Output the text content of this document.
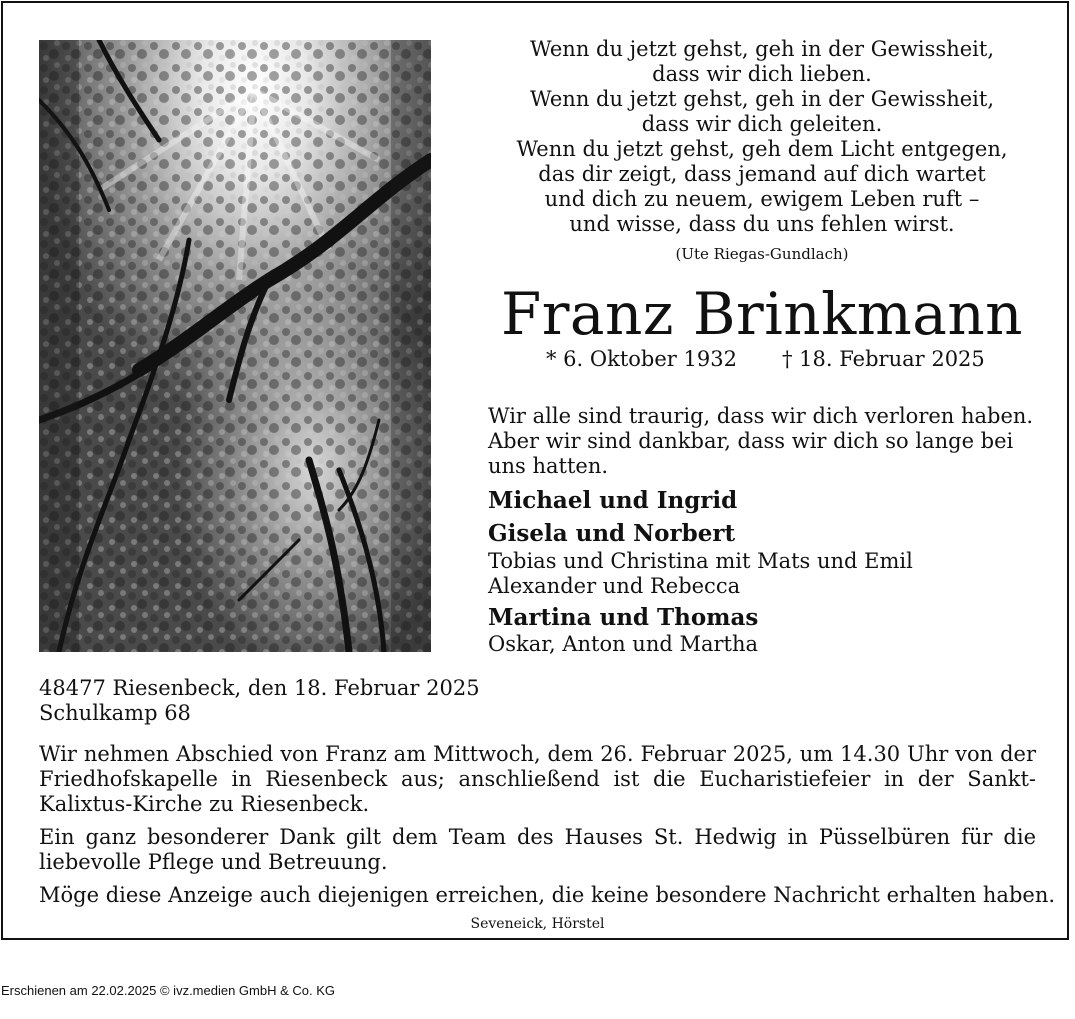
Wenn du jetzt gehst, geh in der Gewissheit,
dass wir dich lieben.
Wenn du jetzt gehst, geh in der Gewissheit,
dass wir dich geleiten.
Wenn du jetzt gehst, geh dem Licht entgegen,
das dir zeigt, dass jemand auf dich wartet
und dich zu neuem, ewigem Leben ruft –
und wisse, dass du uns fehlen wirst.
(Ute Riegas-Gundlach)
Franz Brinkmann
* 6. Oktober 1932 † 18. Februar 2025
Wir alle sind traurig, dass wir dich verloren haben.
Aber wir sind dankbar, dass wir dich so lange bei
uns hatten.
Michael und Ingrid
Gisela und Norbert
Tobias und Christina mit Mats und Emil
Alexander und Rebecca
Martina und Thomas
Oskar, Anton und Martha
48477 Riesenbeck, den 18. Februar 2025
Schulkamp 68
Wir nehmen Abschied von Franz am Mittwoch, dem 26. Februar 2025, um 14.30 Uhr von der Friedhofskapelle in Riesenbeck aus; anschließend ist die Eucharistiefeier in der Sankt-Kalixtus-Kirche zu Riesenbeck.
Ein ganz besonderer Dank gilt dem Team des Hauses St. Hedwig in Püsselbüren für die liebevolle Pflege und Betreuung.
Möge diese Anzeige auch diejenigen erreichen, die keine besondere Nachricht erhalten haben.
Seveneick, Hörstel
Erschienen am 22.02.2025 © ivz.medien GmbH & Co. KG
